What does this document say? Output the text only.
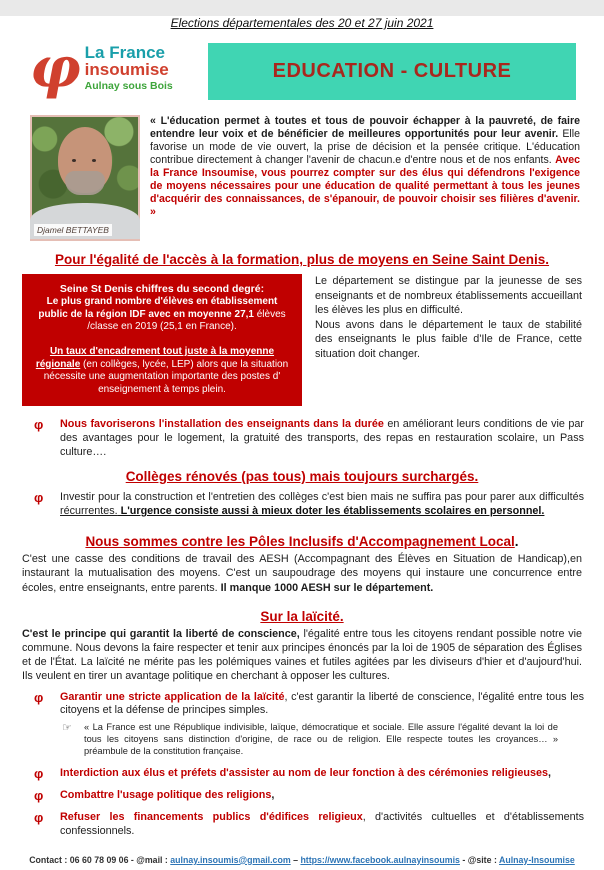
Elections départementales des 20 et 27 juin 2021
φ La France
insoumise
Aulnay sous Bois
EDUCATION - CULTURE
Djamel BETTAYEB
« L'éducation permet à toutes et tous de pouvoir échapper à la pauvreté, de faire entendre leur voix et de bénéficier de meilleures opportunités pour leur avenir. Elle favorise un mode de vie ouvert, la prise de décision et la pensée critique. L'éducation contribue directement à changer l'avenir de chacun.e d'entre nous et de nos enfants. Avec la France Insoumise, vous pourrez compter sur des élus qui défendrons l'exigence de moyens nécessaires pour une éducation de qualité permettant à tous les jeunes d'acquérir des connaissances, de s'épanouir, de pouvoir choisir ses filières d'avenir. »
Pour l'égalité de l'accès à la formation, plus de moyens en Seine Saint Denis.
Seine St Denis chiffres du second degré:
Le plus grand nombre d'élèves en établissement public de la région IDF avec en moyenne 27,1 élèves /classe en 2019 (25,1 en France).
Un taux d'encadrement tout juste à la moyenne régionale (en collèges, lycée, LEP) alors que la situation nécessite une augmentation importante des postes d' enseignement à temps plein.
Le département se distingue par la jeunesse de ses enseignants et de nombreux établissements accueillant les élèves les plus en difficulté.
Nous avons dans le département le taux de stabilité des enseignants le plus faible d'Ile de France, cette situation doit changer.
φ	Nous favoriserons l'installation des enseignants dans la durée en améliorant leurs conditions de vie par des avantages pour le logement, la gratuité des transports, des repas en restauration scolaire, un Pass culture….
Collèges rénovés (pas tous) mais toujours surchargés.
φ	Investir pour la construction et l'entretien des collèges c'est bien mais ne suffira pas pour parer aux difficultés récurrentes. L'urgence consiste aussi à mieux doter les établissements scolaires en personnel.
Nous sommes contre les Pôles Inclusifs d'Accompagnement Local.
C'est une casse des conditions de travail des AESH (Accompagnant des Élèves en Situation de Handicap),en instaurant la mutualisation des moyens. C'est un saupoudrage des moyens qui instaure une concurrence entre écoles, entre enseignants, entre parents. Il manque 1000 AESH sur le département.
Sur la laïcité.
C'est le principe qui garantit la liberté de conscience, l'égalité entre tous les citoyens rendant possible notre vie commune. Nous devons la faire respecter et tenir aux principes énoncés par la loi de 1905 de séparation des Églises et de l'État. La laïcité ne mérite pas les polémiques vaines et futiles agitées par les diviseurs d'hier et d'aujourd'hui. Ils veulent en tirer un avantage politique en cherchant à opposer les cultures.
φ	Garantir une stricte application de la laïcité, c'est garantir la liberté de conscience, l'égalité entre tous les citoyens et la défense de principes simples.
☞	« La France est une République indivisible, laïque, démocratique et sociale. Elle assure l'égalité devant la loi de tous les citoyens sans distinction d'origine, de race ou de religion. Elle respecte toutes les croyances… » préambule de la constitution française.
φ	Interdiction aux élus et préfets d'assister au nom de leur fonction à des cérémonies religieuses,
φ	Combattre l'usage politique des religions,
φ	Refuser les financements publics d'édifices religieux, d'activités cultuelles et d'établissements confessionnels.
Contact : 06 60 78 09 06 - @mail : aulnay.insoumis@gmail.com – https://www.facebook.aulnayinsoumis - @site : Aulnay-Insoumise
